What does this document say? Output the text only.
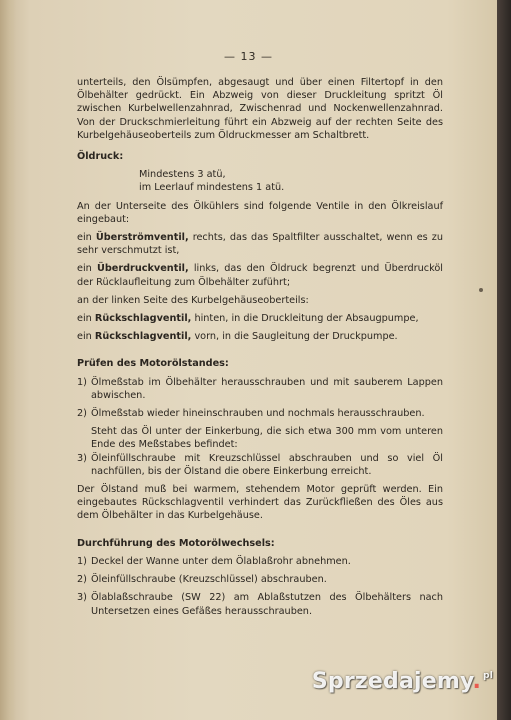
— 13 —

unterteils, den Ölsümpfen, abgesaugt und über einen Filtertopf in den Ölbehälter gedrückt. Ein Abzweig von dieser Druckleitung spritzt Öl zwischen Kurbelwellenzahnrad, Zwischenrad und Nockenwellenzahnrad. Von der Druckschmierleitung führt ein Abzweig auf der rechten Seite des Kurbelgehäuseoberteils zum Öldruckmesser am Schaltbrett.

Öldruck:

Mindestens 3 atü,

im Leerlauf mindestens 1 atü.

An der Unterseite des Ölkühlers sind folgende Ventile in den Ölkreislauf eingebaut:

ein Überströmventil, rechts, das das Spaltfilter ausschaltet, wenn es zu sehr verschmutzt ist,

ein Überdruckventil, links, das den Öldruck begrenzt und Überdrucköl der Rücklaufleitung zum Ölbehälter zuführt;

an der linken Seite des Kurbelgehäuseoberteils:

ein Rückschlagventil, hinten, in die Druckleitung der Absaugpumpe,

ein Rückschlagventil, vorn, in die Saugleitung der Druckpumpe.

Prüfen des Motorölstandes:

1) Ölmeßstab im Ölbehälter herausschrauben und mit sauberem Lappen abwischen.
2) Ölmeßstab wieder hineinschrauben und nochmals herausschrauben.

Steht das Öl unter der Einkerbung, die sich etwa 300 mm vom unteren Ende des Meßstabes befindet:

3) Öleinfüllschraube mit Kreuzschlüssel abschrauben und so viel Öl nachfüllen, bis der Ölstand die obere Einkerbung erreicht.

Der Ölstand muß bei warmem, stehendem Motor geprüft werden. Ein eingebautes Rückschlagventil verhindert das Zurückfließen des Öles aus dem Ölbehälter in das Kurbelgehäuse.

Durchführung des Motorölwechsels:

1) Deckel der Wanne unter dem Ölablaßrohr abnehmen.
2) Öleinfüllschraube (Kreuzschlüssel) abschrauben.
3) Ölablaßschraube (SW 22) am Ablaßstutzen des Ölbehälters nach Untersetzen eines Gefäßes herausschrauben.
Sprzedajemy. $^{pl}$
